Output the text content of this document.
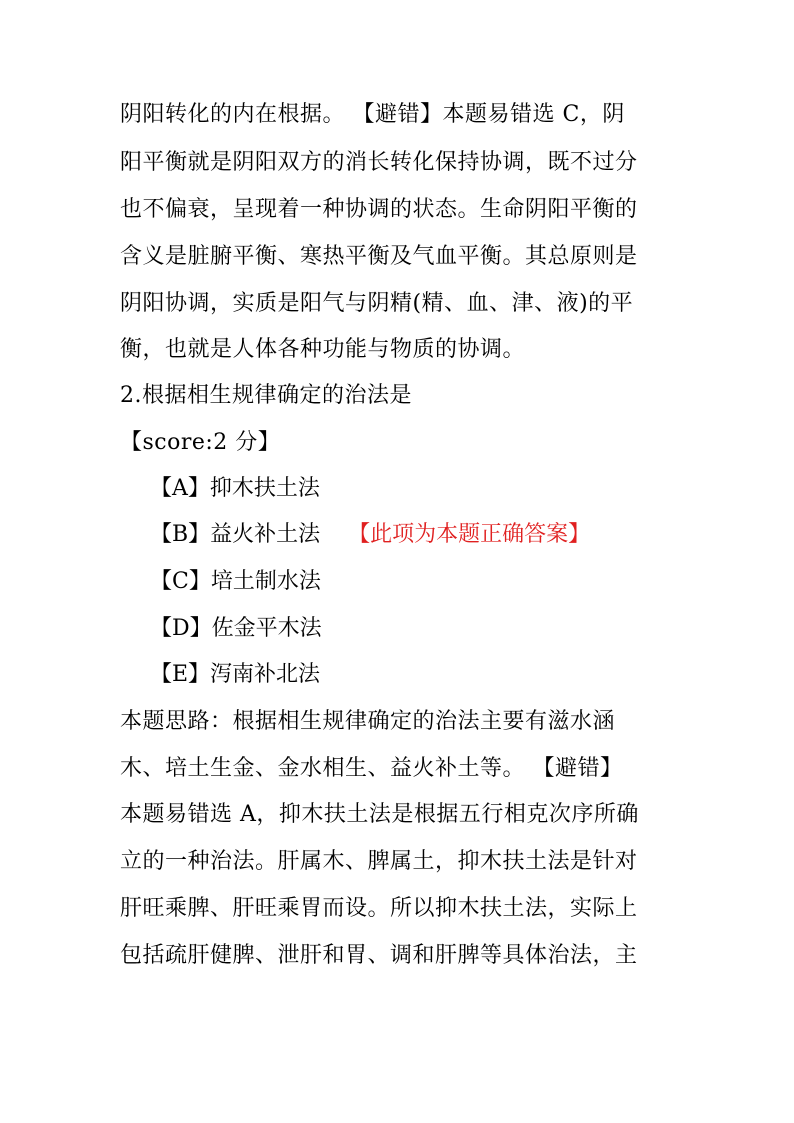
阴阳转化的内在根据。 【避错】本题易错选 C，阴
阳平衡就是阴阳双方的消长转化保持协调，既不过分
也不偏衰，呈现着一种协调的状态。生命阴阳平衡的
含义是脏腑平衡、寒热平衡及气血平衡。其总原则是
阴阳协调，实质是阳气与阴精(精、血、津、液)的平
衡，也就是人体各种功能与物质的协调。
2.根据相生规律确定的治法是
【score:2 分】
【A】抑木扶土法
【B】益火补土法 【此项为本题正确答案】
【C】培土制水法
【D】佐金平木法
【E】泻南补北法
本题思路：根据相生规律确定的治法主要有滋水涵
木、培土生金、金水相生、益火补土等。 【避错】
本题易错选 A，抑木扶土法是根据五行相克次序所确
立的一种治法。肝属木、脾属土，抑木扶土法是针对
肝旺乘脾、肝旺乘胃而设。所以抑木扶土法，实际上
包括疏肝健脾、泄肝和胃、调和肝脾等具体治法，主
